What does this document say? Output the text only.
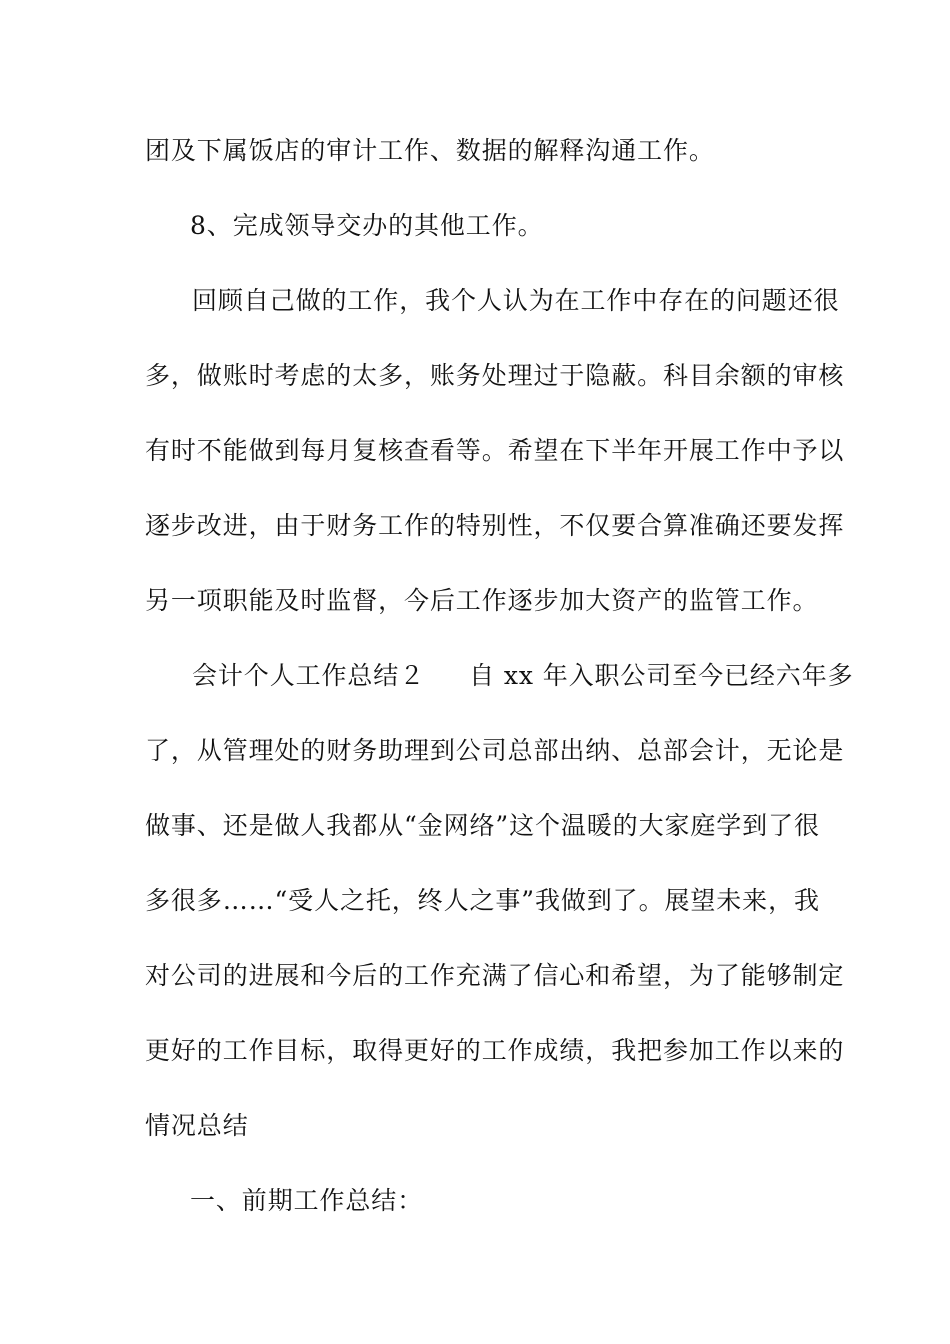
团及下属饭店的审计工作、数据的解释沟通工作。
8、完成领导交办的其他工作。
回顾自己做的工作，我个人认为在工作中存在的问题还很
多，做账时考虑的太多，账务处理过于隐蔽。科目余额的审核
有时不能做到每月复核查看等。希望在下半年开展工作中予以
逐步改进，由于财务工作的特别性，不仅要合算准确还要发挥
另一项职能及时监督，今后工作逐步加大资产的监管工作。
会计个人工作总结２ 自 xx 年入职公司至今已经六年多
了，从管理处的财务助理到公司总部出纳、总部会计，无论是
做事、还是做人我都从“金网络”这个温暖的大家庭学到了很
多很多……“受人之托，终人之事”我做到了。展望未来，我
对公司的进展和今后的工作充满了信心和希望，为了能够制定
更好的工作目标，取得更好的工作成绩，我把参加工作以来的
情况总结
一、前期工作总结：
